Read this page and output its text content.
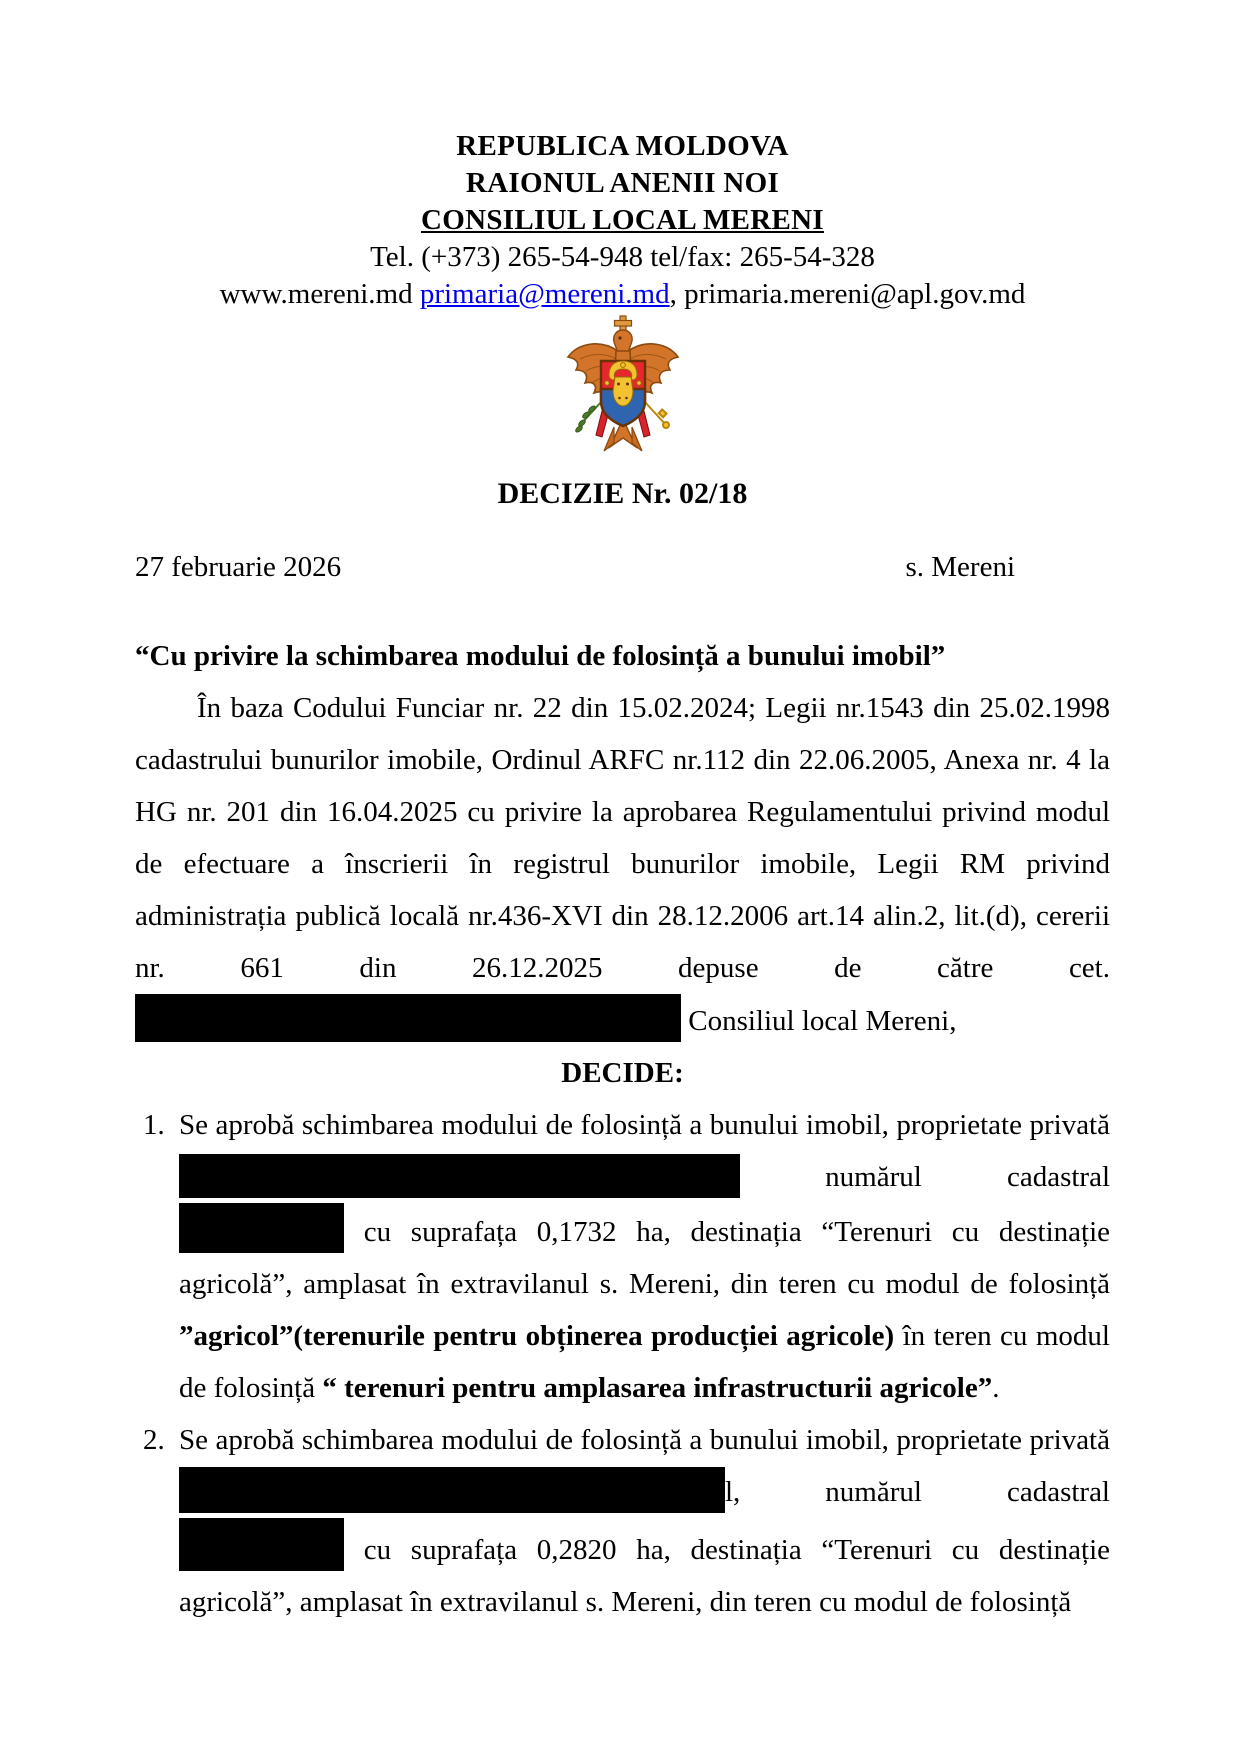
REPUBLICA MOLDOVA
RAIONUL ANENII NOI
CONSILIUL LOCAL MERENI
Tel. (+373) 265-54-948 tel/fax: 265-54-328
www.mereni.md primaria@mereni.md, primaria.mereni@apl.gov.md
DECIZIE Nr. 02/18
27 februarie 2026	s. Mereni
“Cu privire la schimbarea modului de folosință a bunului imobil”
În baza Codului Funciar nr. 22 din 15.02.2024; Legii nr.1543 din 25.02.1998 cadastrului bunurilor imobile, Ordinul ARFC nr.112 din 22.06.2005, Anexa nr. 4 la HG nr. 201 din 16.04.2025 cu privire la aprobarea Regulamentului privind modul de efectuare a înscrierii în registrul bunurilor imobile, Legii RM privind administrația publică locală nr.436-XVI din 28.12.2006 art.14 alin.2, lit.(d), cererii nr. 661 din 26.12.2025 depuse de către cet.  Consiliul local Mereni,
DECIDE:
1. Se aprobă schimbarea modului de folosință a bunului imobil, proprietate privată  numărul cadastral  cu suprafața 0,1732 ha, destinația “Terenuri cu destinație agricolă”, amplasat în extravilanul s. Mereni, din teren cu modul de folosință ”agricol”(terenurile pentru obținerea producției agricole) în teren cu modul de folosință “ terenuri pentru amplasarea infrastructurii agricole”.
2. Se aprobă schimbarea modului de folosință a bunului imobil, proprietate privată l, numărul cadastral  cu suprafața 0,2820 ha, destinația “Terenuri cu destinație agricolă”, amplasat în extravilanul s. Mereni, din teren cu modul de folosință
